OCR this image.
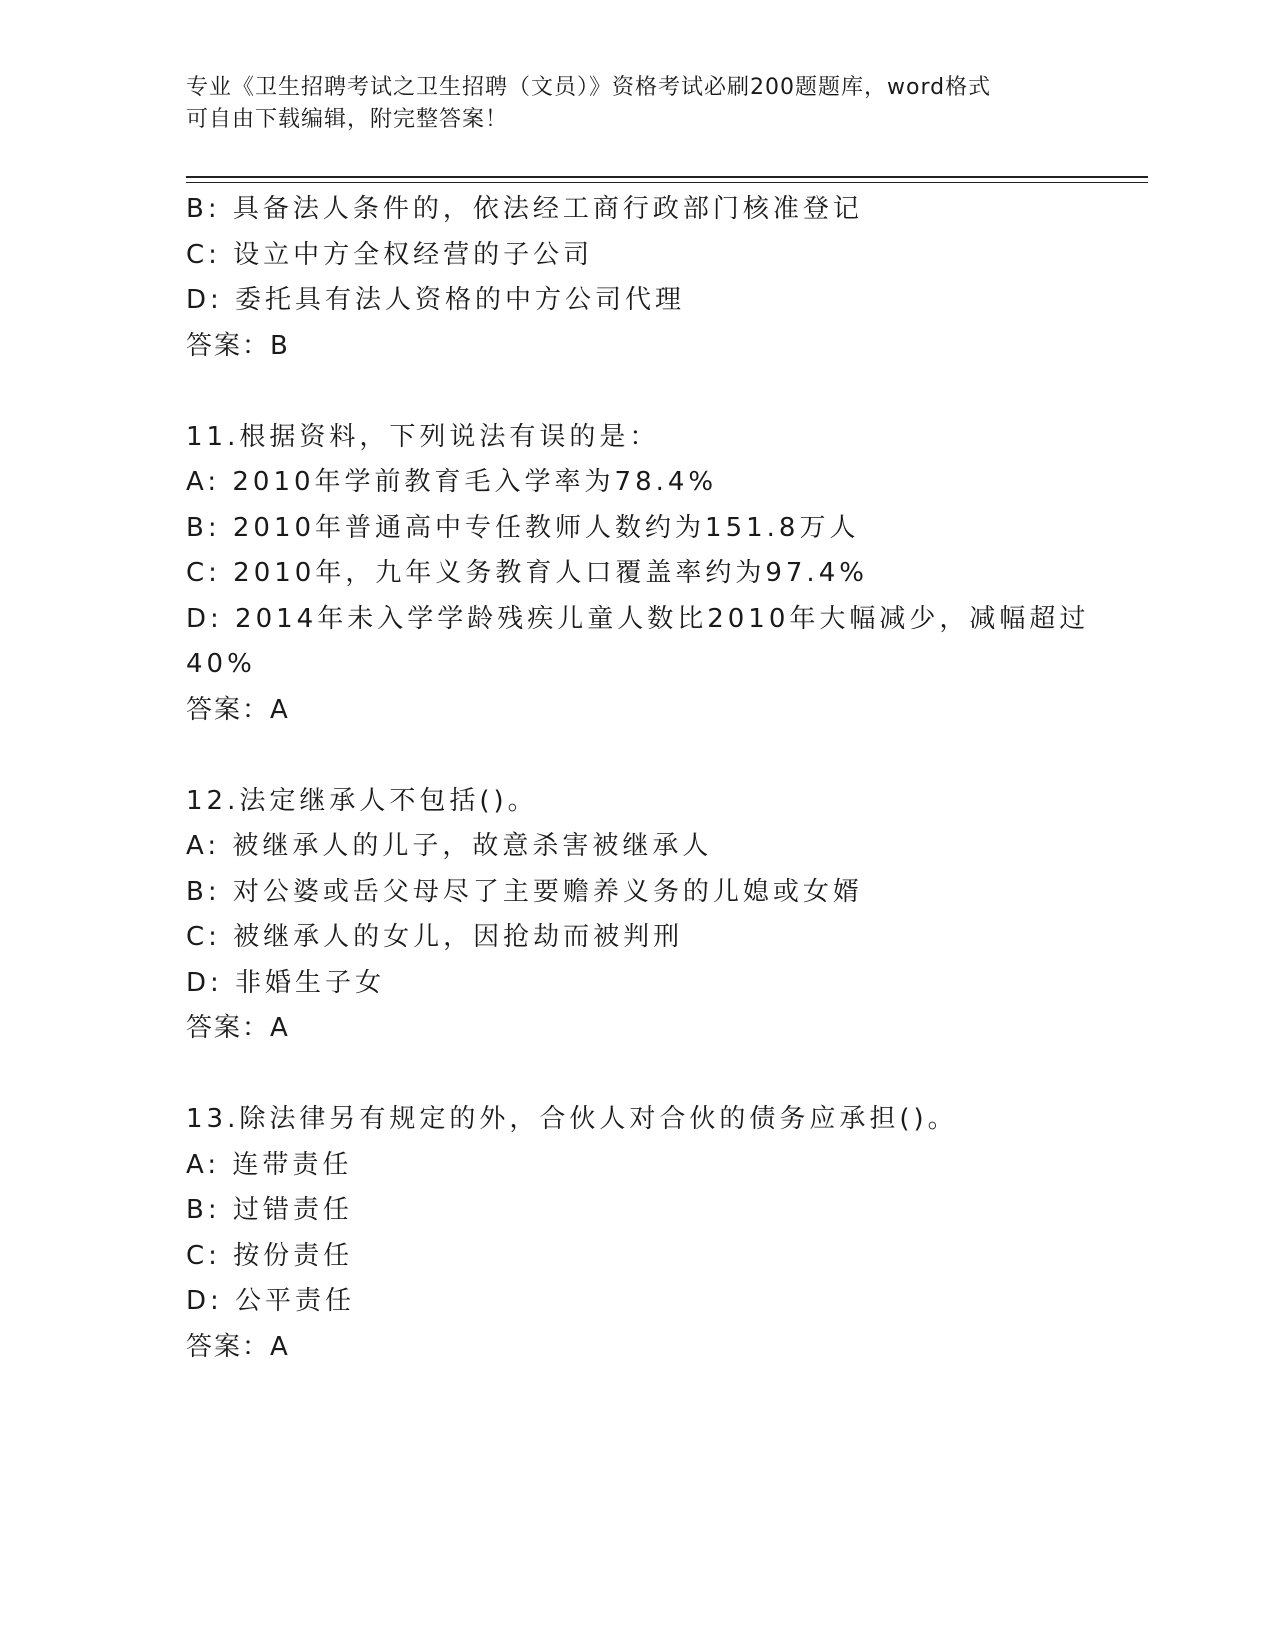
专业《卫生招聘考试之卫生招聘（文员）》资格考试必刷200题题库，word格式
可自由下载编辑，附完整答案！
B: 具备法人条件的，依法经工商行政部门核准登记
C: 设立中方全权经营的子公司
D: 委托具有法人资格的中方公司代理
答案：B
11.根据资料，下列说法有误的是：
A: 2010年学前教育毛入学率为78.4%
B: 2010年普通高中专任教师人数约为151.8万人
C: 2010年，九年义务教育人口覆盖率约为97.4%
D: 2014年未入学学龄残疾儿童人数比2010年大幅减少，减幅超过
40%
答案：A
12.法定继承人不包括()。
A: 被继承人的儿子，故意杀害被继承人
B: 对公婆或岳父母尽了主要赡养义务的儿媳或女婿
C: 被继承人的女儿，因抢劫而被判刑
D: 非婚生子女
答案：A
13.除法律另有规定的外，合伙人对合伙的债务应承担()。
A: 连带责任
B: 过错责任
C: 按份责任
D: 公平责任
答案：A
